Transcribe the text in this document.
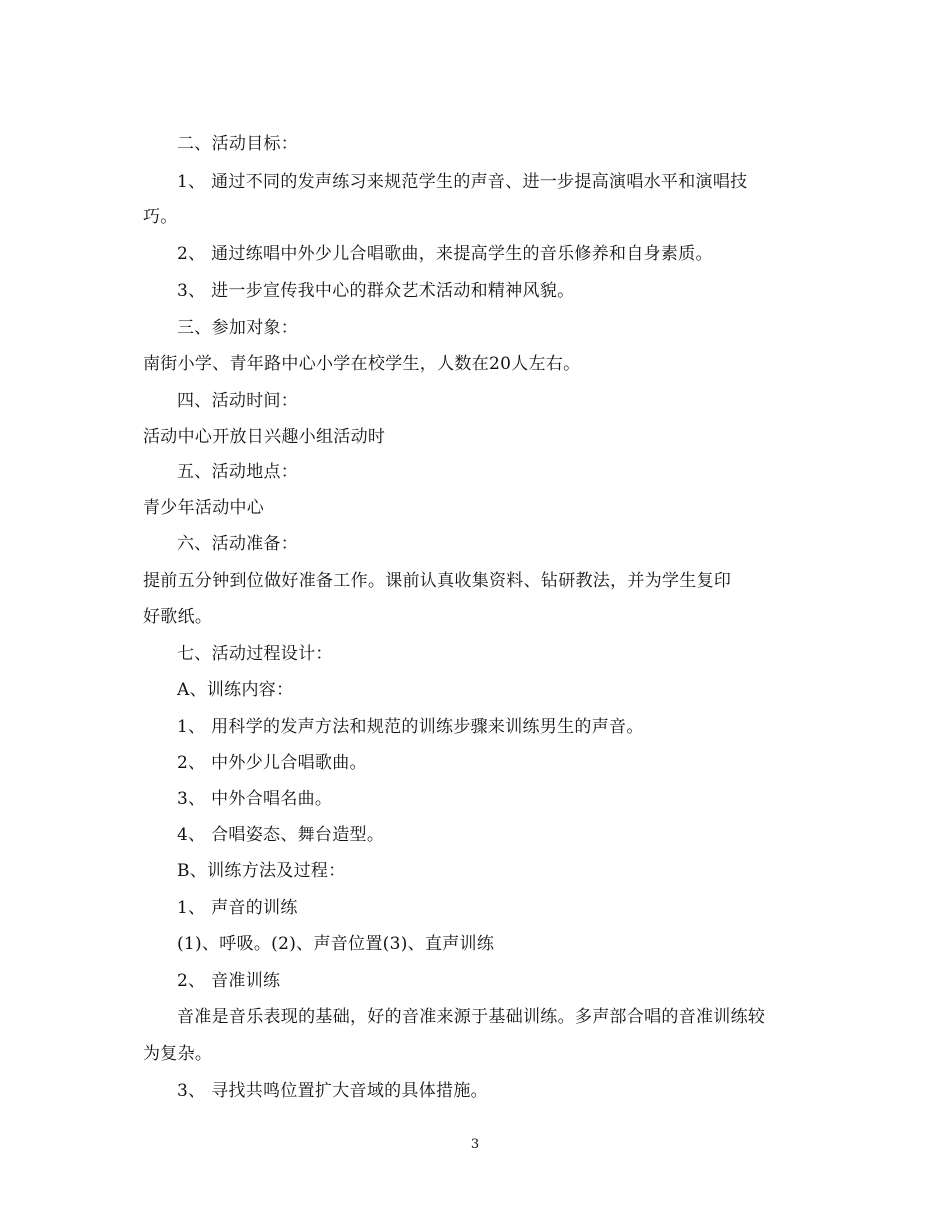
二、活动目标：
1、 通过不同的发声练习来规范学生的声音、进一步提高演唱水平和演唱技
巧。
2、 通过练唱中外少儿合唱歌曲，来提高学生的音乐修养和自身素质。
3、 进一步宣传我中心的群众艺术活动和精神风貌。
三、参加对象：
南街小学、青年路中心小学在校学生，人数在20人左右。
四、活动时间：
活动中心开放日兴趣小组活动时
五、活动地点：
青少年活动中心
六、活动准备：
提前五分钟到位做好准备工作。课前认真收集资料、钻研教法，并为学生复印
好歌纸。
七、活动过程设计：
A、训练内容：
1、 用科学的发声方法和规范的训练步骤来训练男生的声音。
2、 中外少儿合唱歌曲。
3、 中外合唱名曲。
4、 合唱姿态、舞台造型。
B、训练方法及过程：
1、 声音的训练
(1)、呼吸。(2)、声音位置(3)、直声训练
2、 音准训练
音准是音乐表现的基础，好的音准来源于基础训练。多声部合唱的音准训练较
为复杂。
3、 寻找共鸣位置扩大音域的具体措施。
3
